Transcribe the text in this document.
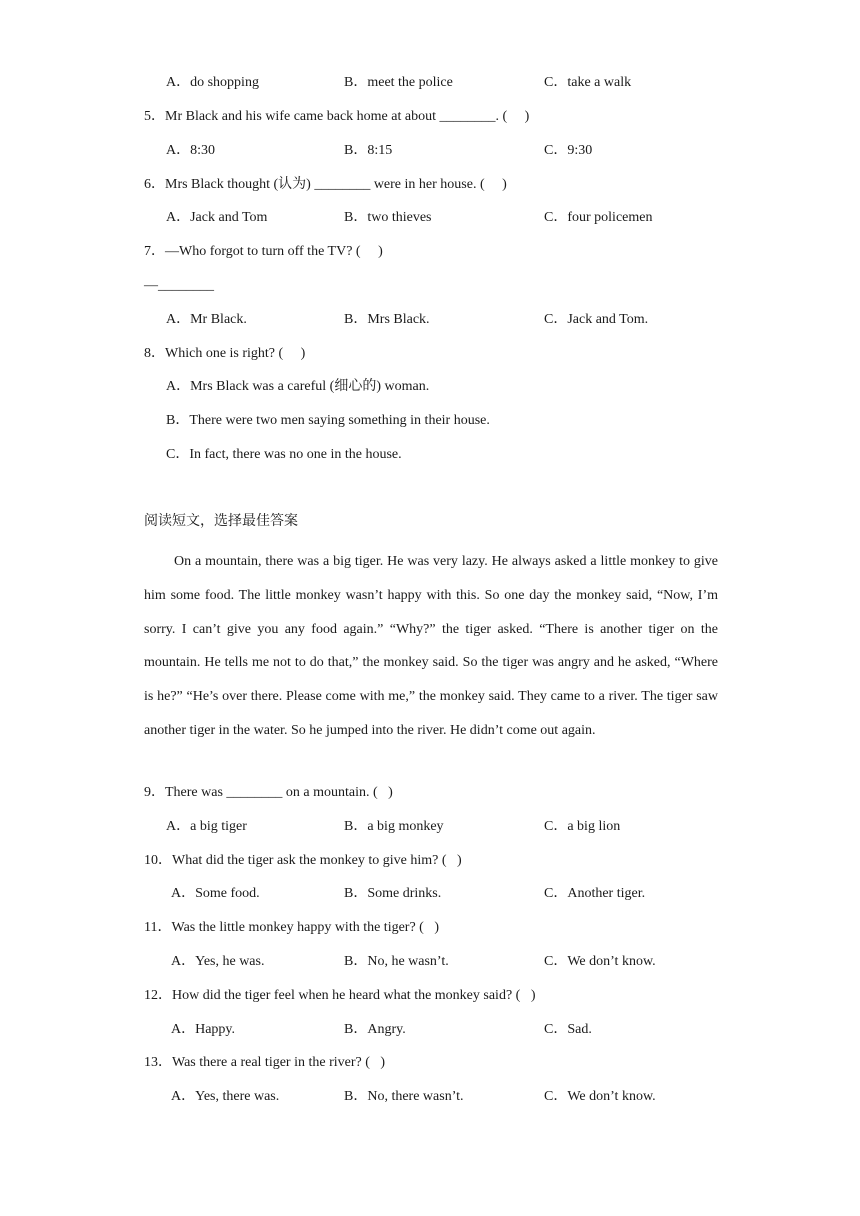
A．do shopping	B．meet the police	C．take a walk
5．Mr Black and his wife came back home at about ________. (     )
A．8:30	B．8:15	C．9:30
6．Mrs Black thought (认为) ________ were in her house. (     )
A．Jack and Tom	B．two thieves	C．four policemen
7．—Who forgot to turn off the TV? (     )
—________
A．Mr Black.	B．Mrs Black.	C．Jack and Tom.
8．Which one is right? (     )
A．Mrs Black was a careful (细心的) woman.
B．There were two men saying something in their house.
C．In fact, there was no one in the house.
阅读短文，选择最佳答案
On a mountain, there was a big tiger. He was very lazy. He always asked a little monkey to give him some food. The little monkey wasn’t happy with this. So one day the monkey said, “Now, I’m sorry. I can’t give you any food again.” “Why?” the tiger asked. “There is another tiger on the mountain. He tells me not to do that,” the monkey said. So the tiger was angry and he asked, “Where is he?” “He’s over there. Please come with me,” the monkey said. They came to a river. The tiger saw another tiger in the water. So he jumped into the river. He didn’t come out again.
9．There was ________ on a mountain. (   )
A．a big tiger	B．a big monkey	C．a big lion
10．What did the tiger ask the monkey to give him? (   )
A．Some food.	B．Some drinks.	C．Another tiger.
11．Was the little monkey happy with the tiger? (   )
A．Yes, he was.	B．No, he wasn’t.	C．We don’t know.
12．How did the tiger feel when he heard what the monkey said? (   )
A．Happy.	B．Angry.	C．Sad.
13．Was there a real tiger in the river? (   )
A．Yes, there was.	B．No, there wasn’t.	C．We don’t know.
